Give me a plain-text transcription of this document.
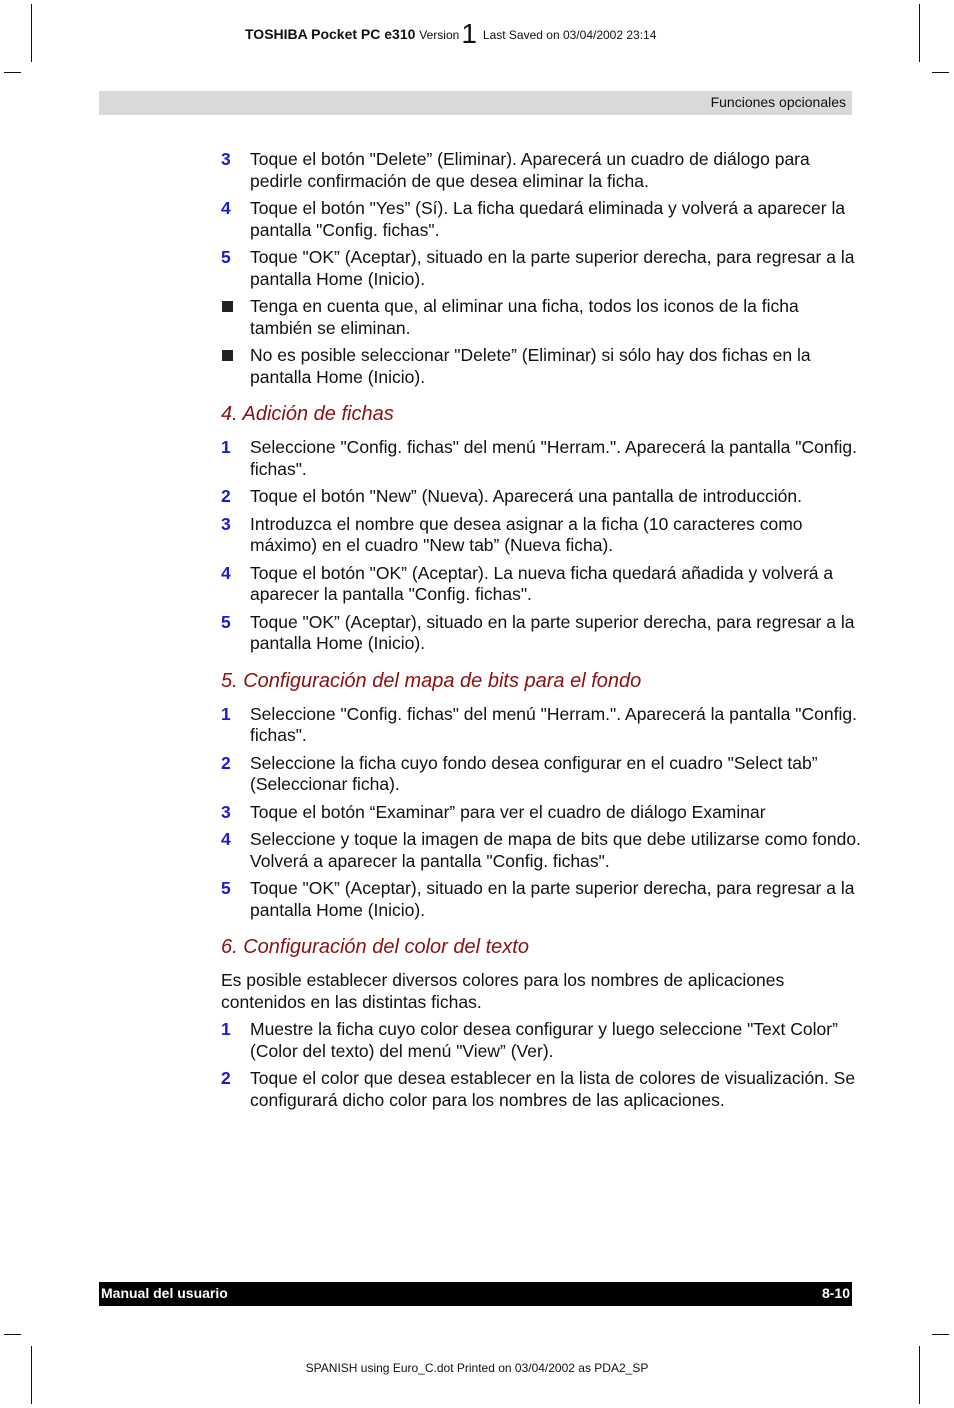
TOSHIBA Pocket PC e310 Version1 Last Saved on 03/04/2002 23:14
Funciones opcionales
3 Toque el botón "Delete” (Eliminar). Aparecerá un cuadro de diálogo para pedirle confirmación de que desea eliminar la ficha.
4 Toque el botón "Yes” (Sí). La ficha quedará eliminada y volverá a aparecer la pantalla "Config. fichas".
5 Toque "OK” (Aceptar), situado en la parte superior derecha, para regresar a la pantalla Home (Inicio).
Tenga en cuenta que, al eliminar una ficha, todos los iconos de la ficha también se eliminan.
No es posible seleccionar "Delete” (Eliminar) si sólo hay dos fichas en la pantalla Home (Inicio).
4. Adición de fichas
1 Seleccione "Config. fichas" del menú "Herram.". Aparecerá la pantalla "Config. fichas".
2 Toque el botón "New” (Nueva). Aparecerá una pantalla de introducción.
3 Introduzca el nombre que desea asignar a la ficha (10 caracteres como máximo) en el cuadro "New tab” (Nueva ficha).
4 Toque el botón "OK” (Aceptar). La nueva ficha quedará añadida y volverá a aparecer la pantalla "Config. fichas".
5 Toque "OK” (Aceptar), situado en la parte superior derecha, para regresar a la pantalla Home (Inicio).
5. Configuración del mapa de bits para el fondo
1 Seleccione "Config. fichas" del menú "Herram.". Aparecerá la pantalla "Config. fichas".
2 Seleccione la ficha cuyo fondo desea configurar en el cuadro "Select tab” (Seleccionar ficha).
3 Toque el botón “Examinar” para ver el cuadro de diálogo Examinar
4 Seleccione y toque la imagen de mapa de bits que debe utilizarse como fondo. Volverá a aparecer la pantalla "Config. fichas".
5 Toque "OK” (Aceptar), situado en la parte superior derecha, para regresar a la pantalla Home (Inicio).
6. Configuración del color del texto
Es posible establecer diversos colores para los nombres de aplicaciones contenidos en las distintas fichas.
1 Muestre la ficha cuyo color desea configurar y luego seleccione "Text Color” (Color del texto) del menú "View” (Ver).
2 Toque el color que desea establecer en la lista de colores de visualización. Se configurará dicho color para los nombres de las aplicaciones.
Manual del usuario	8-10
SPANISH using Euro_C.dot Printed on 03/04/2002 as PDA2_SP
